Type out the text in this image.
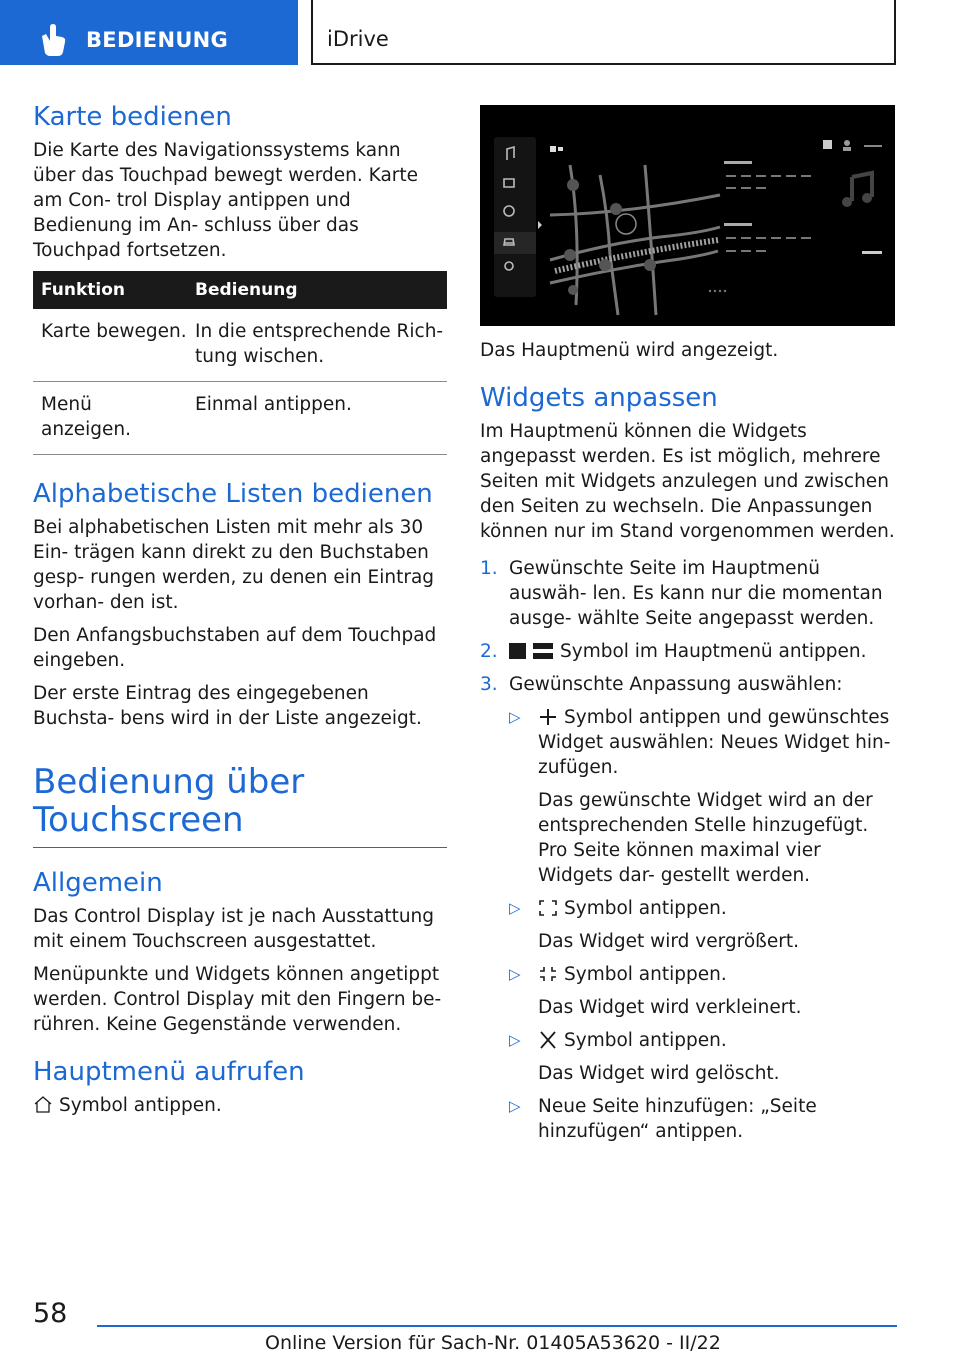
BEDIENUNG	iDrive
Karte bedienen

Die Karte des Navigationssystems kann über das Touchpad bewegt werden. Karte am Con- trol Display antippen und Bedienung im An- schluss über das Touchpad fortsetzen.

Funktion	Bedienung
Karte bewegen.	In die entsprechende Rich- tung wischen.
Menü anzeigen.	Einmal antippen.
Alphabetische Listen bedienen

Bei alphabetischen Listen mit mehr als 30 Ein- trägen kann direkt zu den Buchstaben gesp- rungen werden, zu denen ein Eintrag vorhan- den ist.

Den Anfangsbuchstaben auf dem Touchpad eingeben.

Der erste Eintrag des eingegebenen Buchsta- bens wird in der Liste angezeigt.

Bedienung über
Touchscreen
Allgemein

Das Control Display ist je nach Ausstattung mit einem Touchscreen ausgestattet.

Menüpunkte und Widgets können angetippt werden. Control Display mit den Fingern be- rühren. Keine Gegenstände verwenden.

Hauptmenü aufrufen

Symbol antippen.

Das Hauptmenü wird angezeigt.

Widgets anpassen

Im Hauptmenü können die Widgets angepasst werden. Es ist möglich, mehrere Seiten mit Widgets anzulegen und zwischen den Seiten zu wechseln. Die Anpassungen können nur im Stand vorgenommen werden.

1. Gewünschte Seite im Hauptmenü auswäh- len. Es kann nur die momentan ausge- wählte Seite angepasst werden.
2.	Symbol im Hauptmenü antippen.
3. Gewünschte Anpassung auswählen:
▷ Symbol antippen und gewünschtes Widget auswählen: Neues Widget hin- zufügen.

Das gewünschte Widget wird an der entsprechenden Stelle hinzugefügt. Pro Seite können maximal vier Widgets dar- gestellt werden.

▷ Symbol antippen.

Das Widget wird vergrößert.

▷ Symbol antippen.

Das Widget wird verkleinert.

▷ Symbol antippen.

Das Widget wird gelöscht.

▷ Neue Seite hinzufügen: „Seite hinzufügen“ antippen.
58
Online Version für Sach-Nr. 01405A53620 - II/22
